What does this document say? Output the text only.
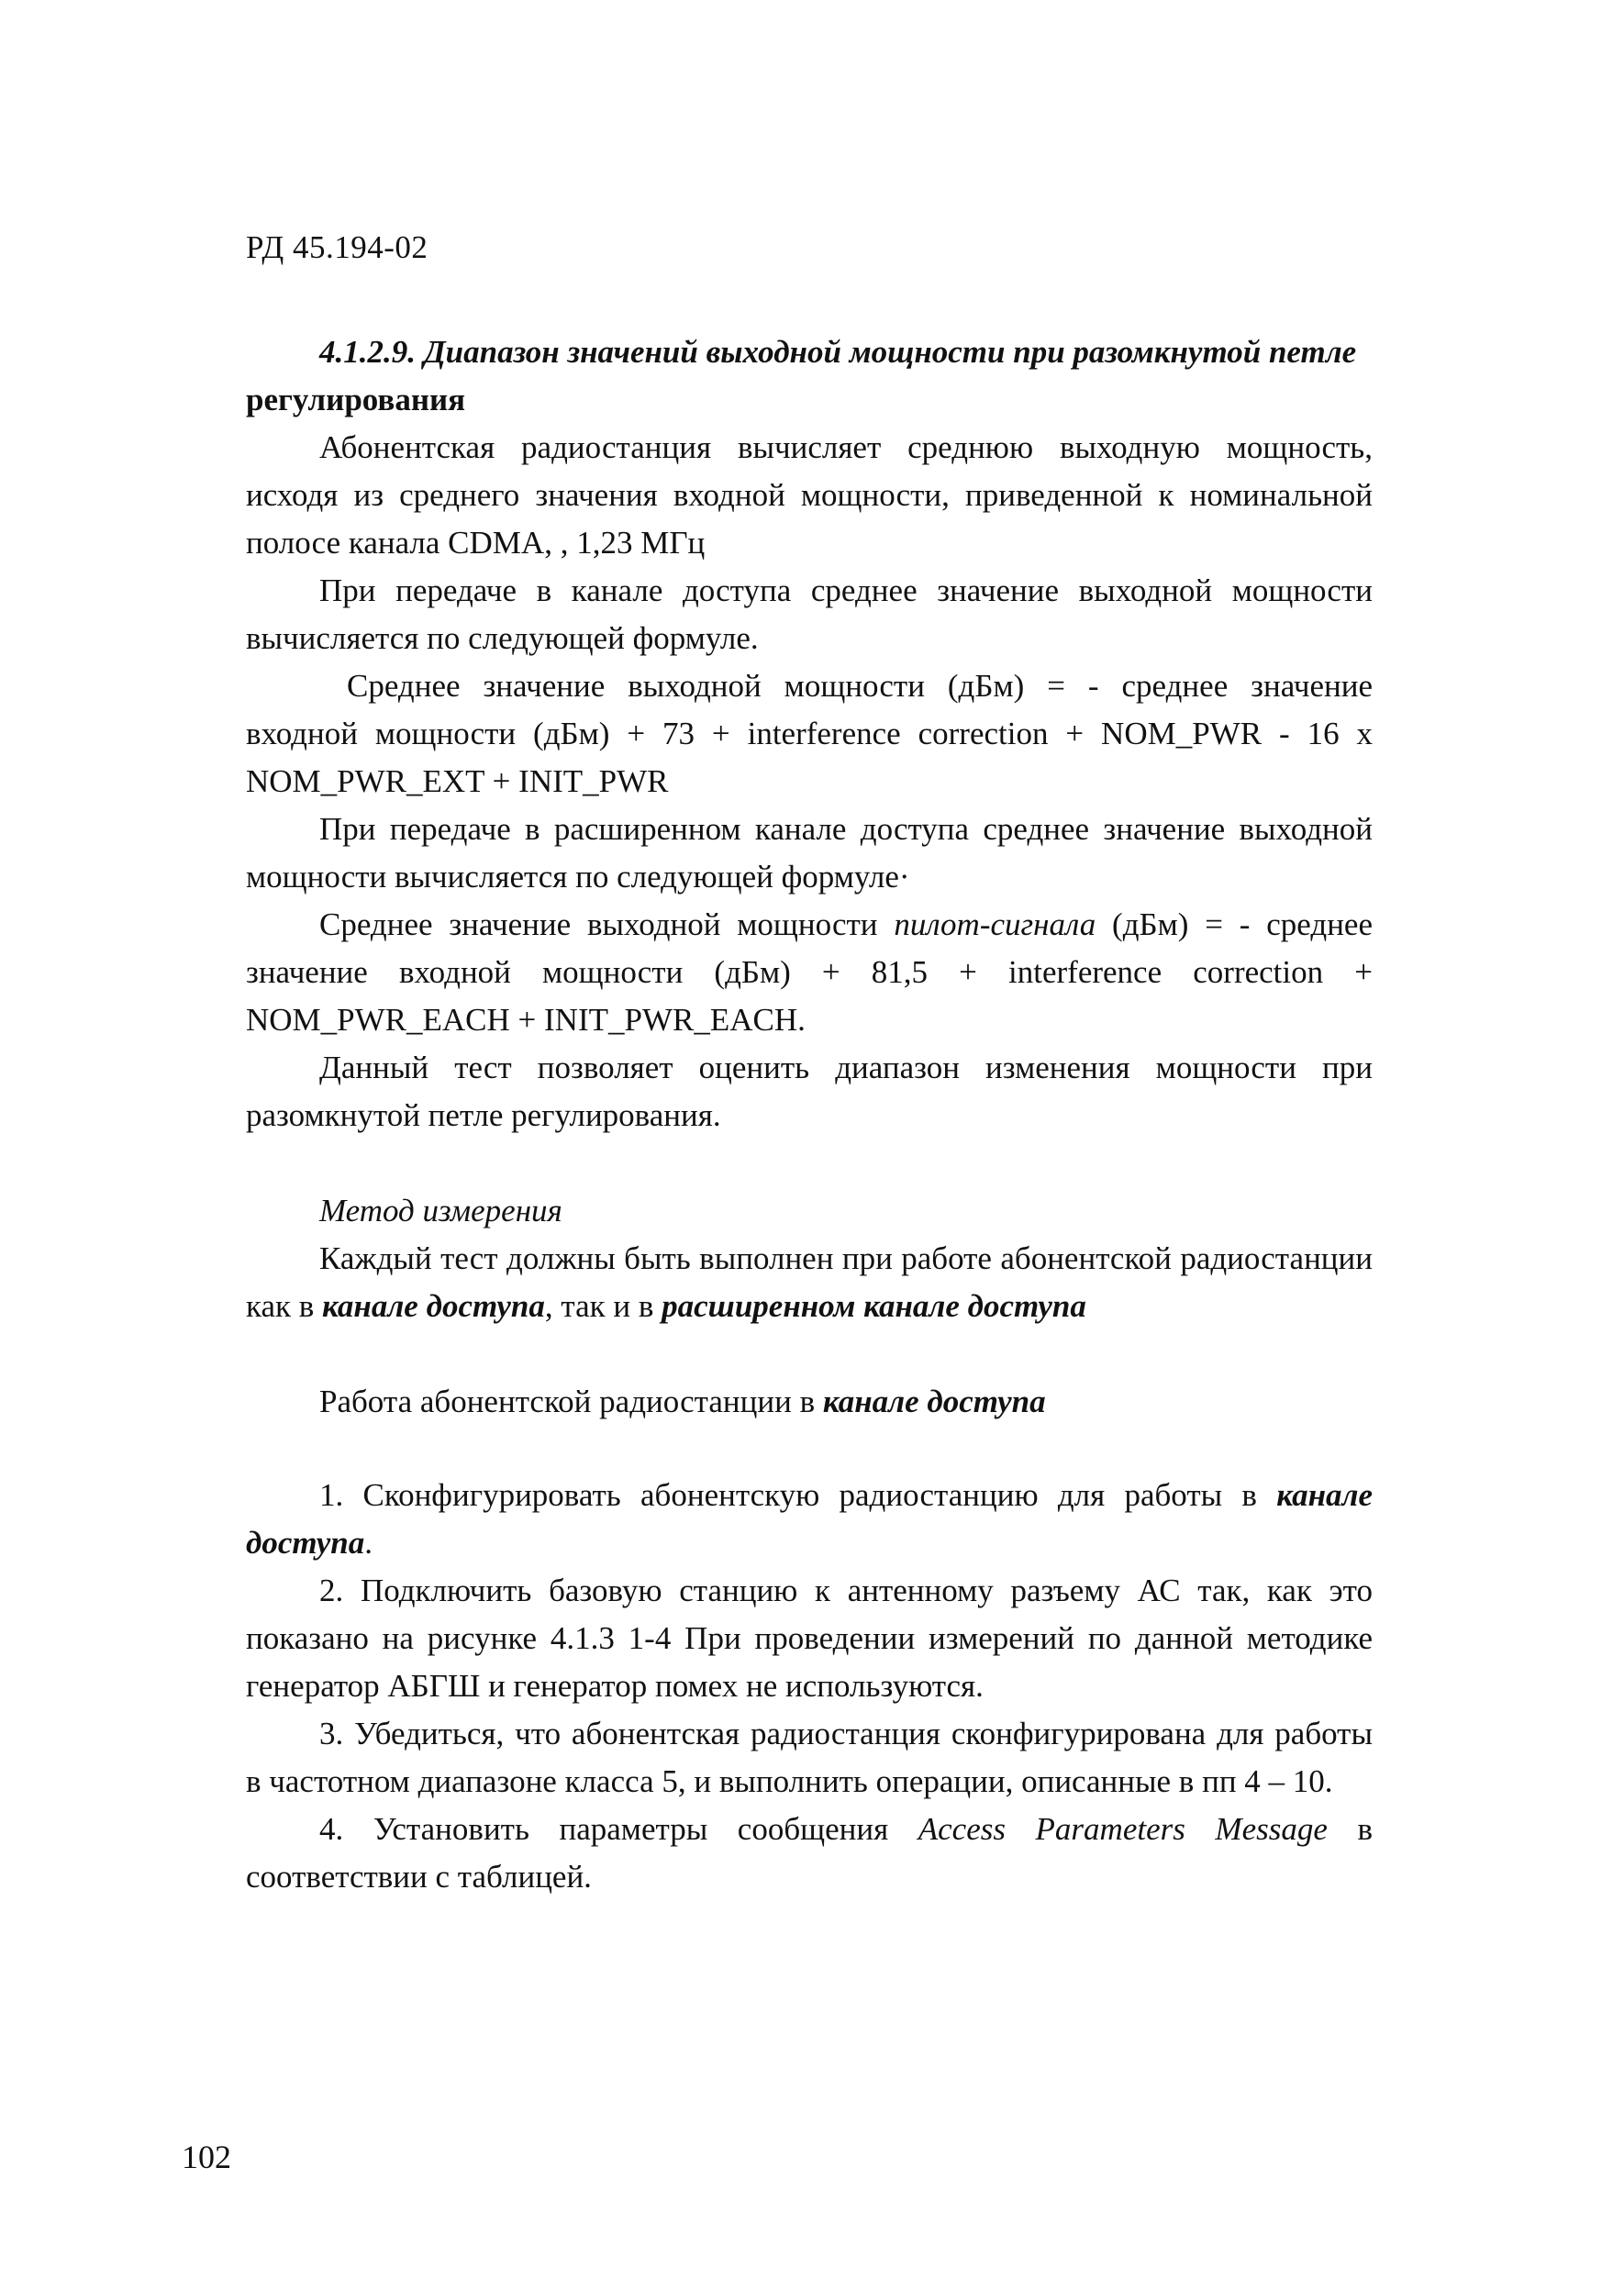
РД 45.194-02

4.1.2.9. Диапазон значений выходной мощности при разомкнутой петле

регулирования

Абонентская радиостанция вычисляет среднюю выходную мощность, исходя из среднего значения входной мощности, приведенной к номинальной полосе канала CDMA, , 1,23 МГц

При передаче в канале доступа среднее значение выходной мощности вычисляется по следующей формуле.

Среднее значение выходной мощности (дБм) = - среднее значение входной мощности (дБм) + 73 + interference correction + NOM_PWR - 16 x NOM_PWR_EXT + INIT_PWR

При передаче в расширенном канале доступа среднее значение выходной мощности вычисляется по следующей формуле·

Среднее значение выходной мощности пилот-сигнала (дБм) = - среднее значение входной мощности (дБм) + 81,5 + interference correction + NOM_PWR_EACH + INIT_PWR_EACH.

Данный тест позволяет оценить диапазон изменения мощности при разомкнутой петле регулирования.

Метод измерения

Каждый тест должны быть выполнен при работе абонентской радиостанции как в канале доступа, так и в расширенном канале доступа

Работа абонентской радиостанции в канале доступа

1. Сконфигурировать абонентскую радиостанцию для работы в канале доступа.

2. Подключить базовую станцию к антенному разъему АС так, как это показано на рисунке 4.1.3 1-4 При проведении измерений по данной методике генератор АБГШ и генератор помех не используются.

3. Убедиться, что абонентская радиостанция сконфигурирована для работы в частотном диапазоне класса 5, и выполнить операции, описанные в пп 4 – 10.

4. Установить параметры сообщения Access Parameters Message в соответствии с таблицей.

102
